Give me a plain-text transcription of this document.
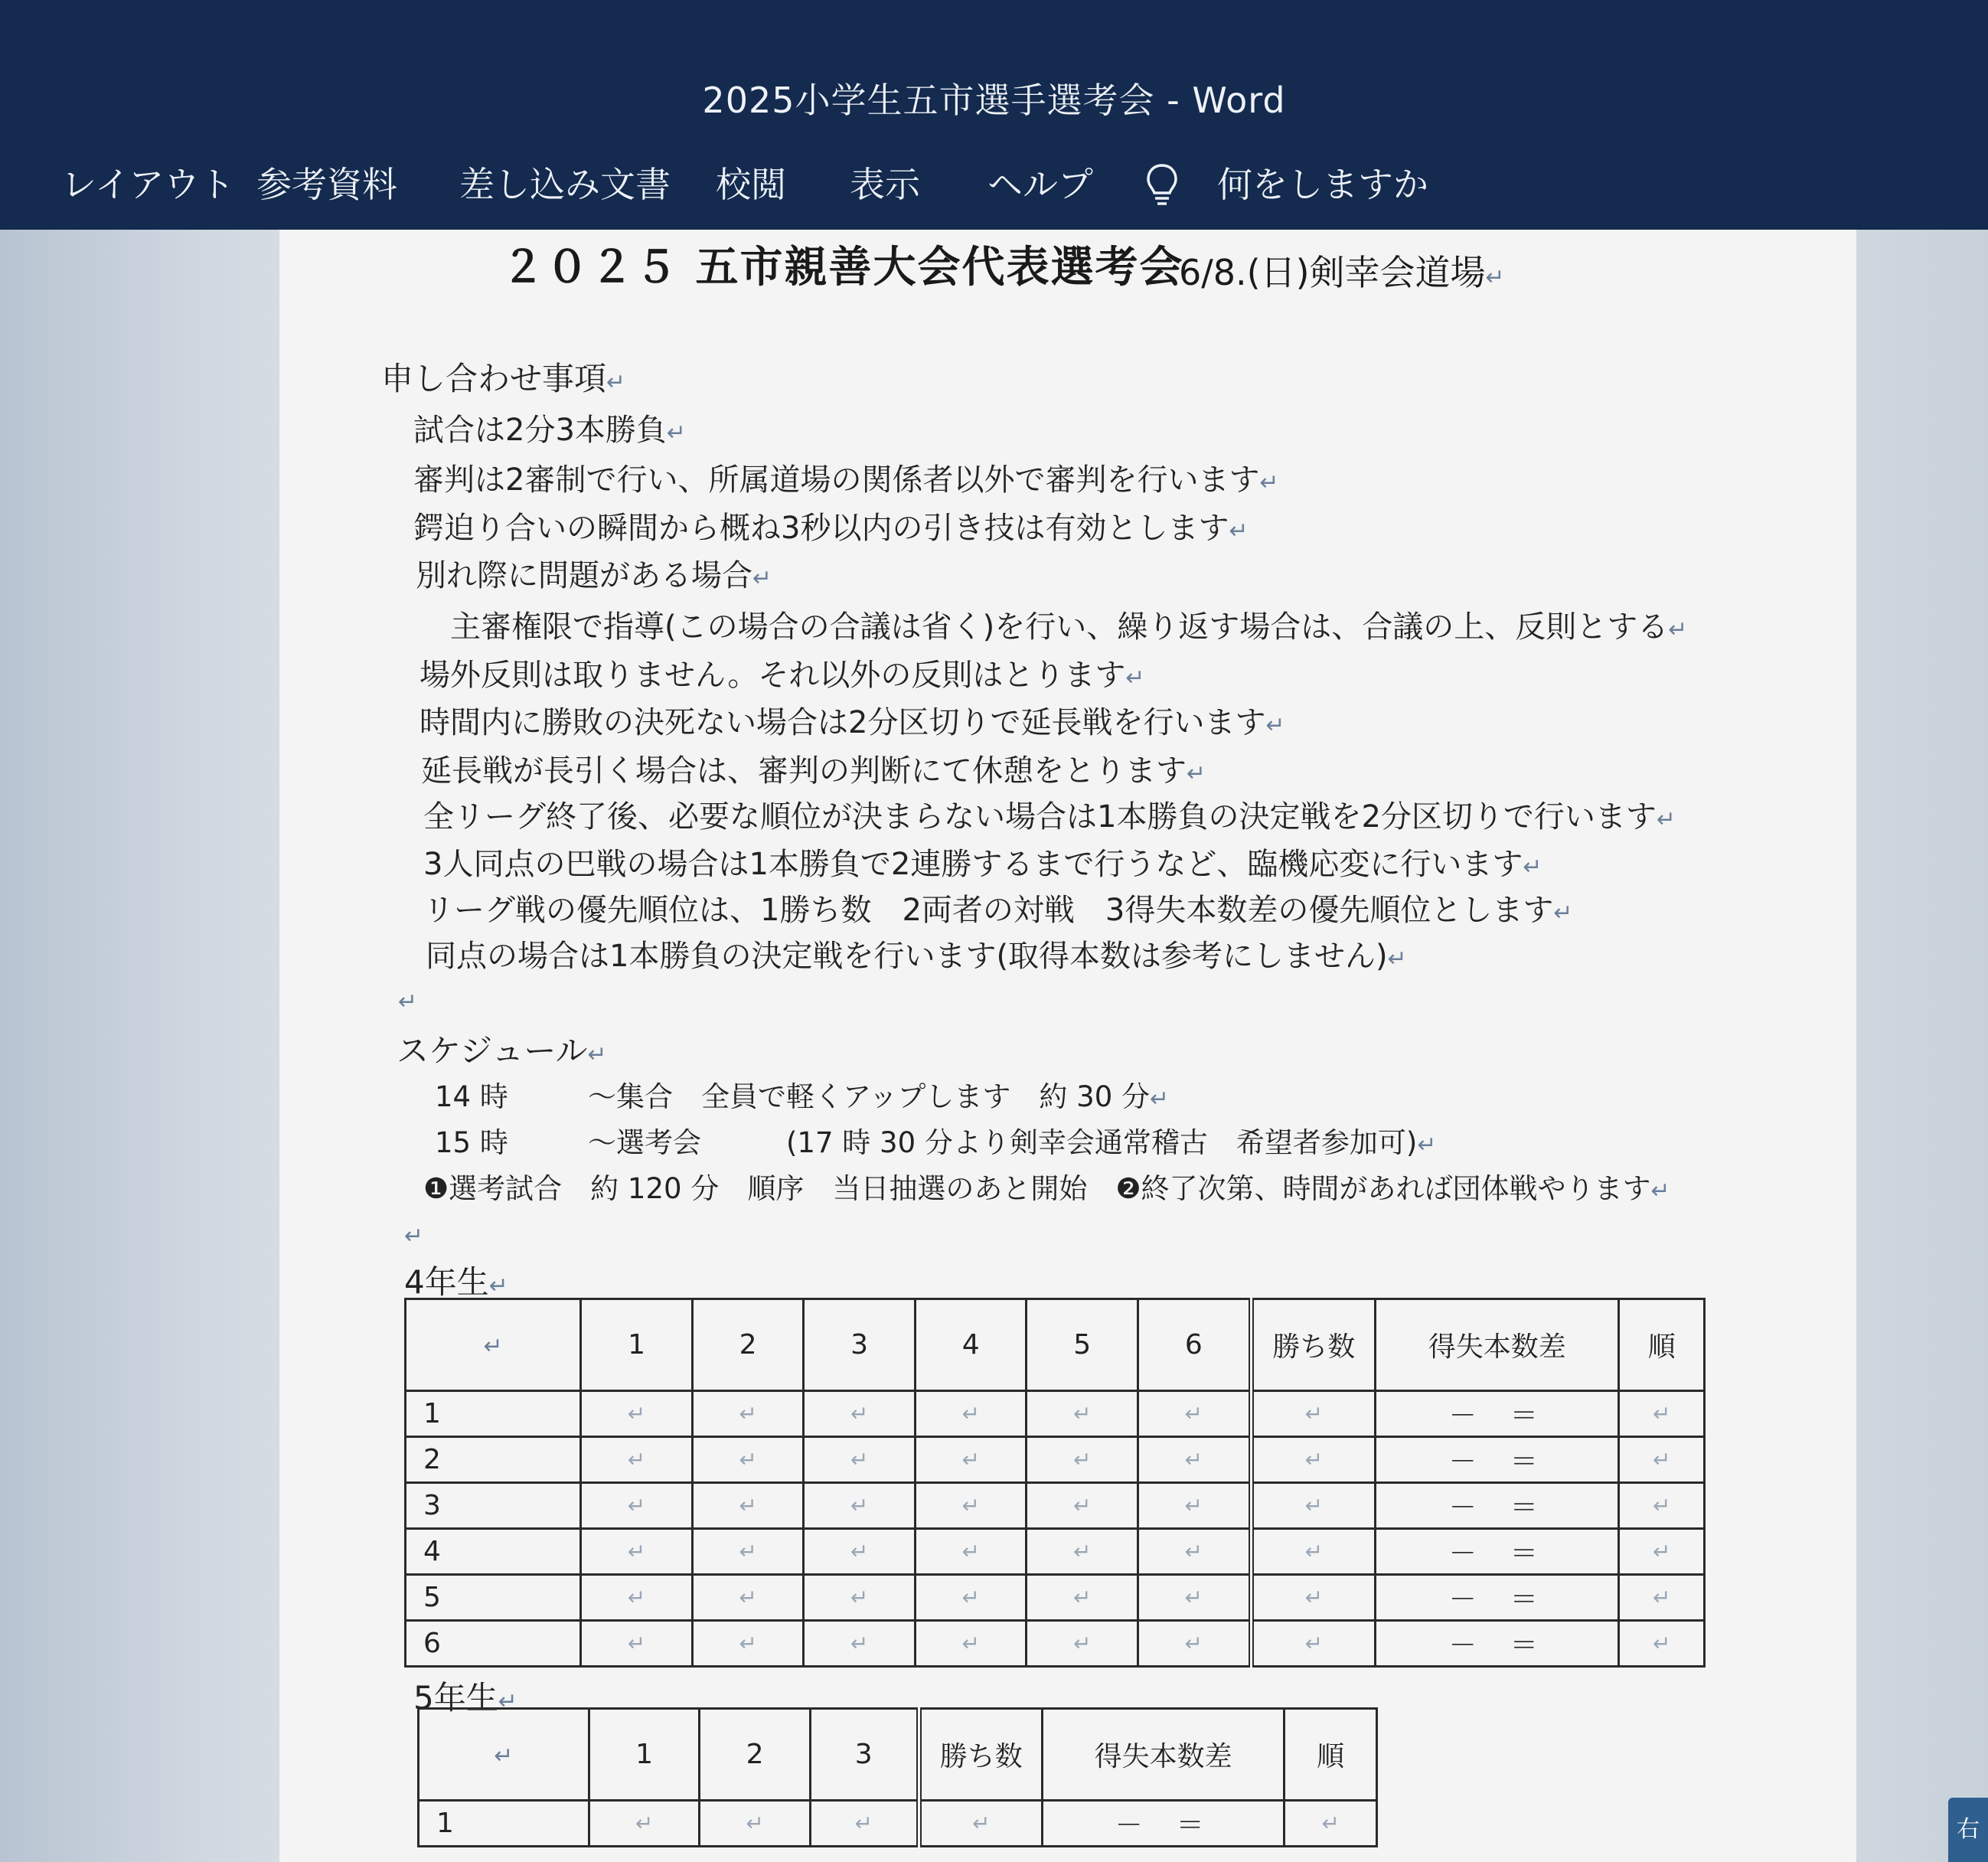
2025小学生五市選手選考会 - Word
レイアウト 参考資料 差し込み文書 校閲 表示 ヘルプ	何をしますか
２０２５ 五市親善大会代表選考会
6/8.(日)剣幸会道場↵
申し合わせ事項↵
試合は2分3本勝負↵
審判は2審制で行い、所属道場の関係者以外で審判を行います↵
鍔迫り合いの瞬間から概ね3秒以内の引き技は有効とします↵
別れ際に問題がある場合↵
主審権限で指導(この場合の合議は省く)を行い、繰り返す場合は、合議の上、反則とする↵
場外反則は取りません。それ以外の反則はとります↵
時間内に勝敗の決死ない場合は2分区切りで延長戦を行います↵
延長戦が長引く場合は、審判の判断にて休憩をとります↵
全リーグ終了後、必要な順位が決まらない場合は1本勝負の決定戦を2分区切りで行います↵
3人同点の巴戦の場合は1本勝負で2連勝するまで行うなど、臨機応変に行います↵
リーグ戦の優先順位は、1勝ち数　2両者の対戦　3得失本数差の優先順位とします↵
同点の場合は1本勝負の決定戦を行います(取得本数は参考にしません)↵
↵
スケジュール↵
14 時	～集合　全員で軽くアップします　約 30 分↵
15 時	～選考会　　　(17 時 30 分より剣幸会通常稽古　希望者参加可)↵
❶選考試合　約 120 分　順序　当日抽選のあと開始　❷終了次第、時間があれば団体戦やります↵
↵
4年生↵
↵	1	2	3	4	5	6	勝ち数	得失本数差	順
1	↵	↵	↵	↵	↵	↵	↵	－ ＝	↵
2	↵	↵	↵	↵	↵	↵	↵	－ ＝	↵
3	↵	↵	↵	↵	↵	↵	↵	－ ＝	↵
4	↵	↵	↵	↵	↵	↵	↵	－ ＝	↵
5	↵	↵	↵	↵	↵	↵	↵	－ ＝	↵
6	↵	↵	↵	↵	↵	↵	↵	－ ＝	↵
5年生↵
↵	1	2	3	勝ち数	得失本数差	順
1	↵	↵	↵	↵	－ ＝	↵	右
